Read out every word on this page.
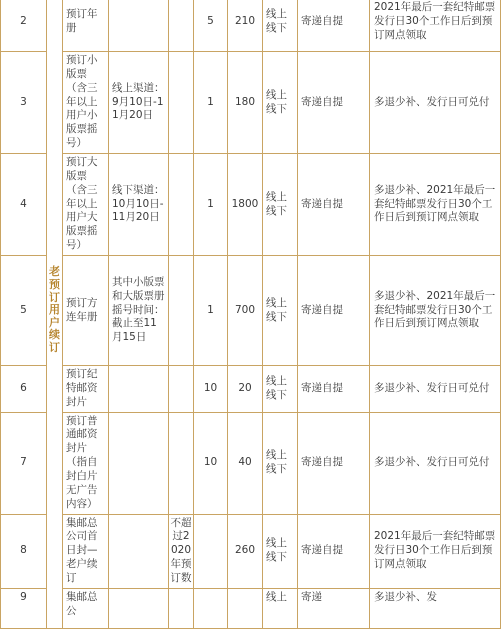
2	老预订用户续订	预订年册			5	210	线上线下	寄递自提	2021年最后一套纪特邮票发行日30个工作日后到预订网点领取
3		预订小版票（含三年以上用户小版票摇号）	线上渠道：9月10日-11月20日		1	180	线上线下	寄递自提	多退少补、发行日可兑付
4		预订大版票（含三年以上用户大版票摇号）	线下渠道：10月10日-11月20日		1	1800	线上线下	寄递自提	多退少补、2021年最后一套纪特邮票发行日30个工作日后到预订网点领取
5		预订方连年册	其中小版票和大版票册摇号时间：截止至11月15日		1	700	线上线下	寄递自提	多退少补、2021年最后一套纪特邮票发行日30个工作日后到预订网点领取
6		预订纪特邮资封片			10	20	线上线下	寄递自提	多退少补、发行日可兑付
7		预订普通邮资封片（指自封白片无广告内容）			10	40	线上线下	寄递自提	多退少补、发行日可兑付
8		集邮总公司首日封—老户续订		不超过2020年预订数		260	线上线下	寄递自提	2021年最后一套纪特邮票发行日30个工作日后到预订网点领取
9		集邮总公					线上	寄递	多退少补、发
